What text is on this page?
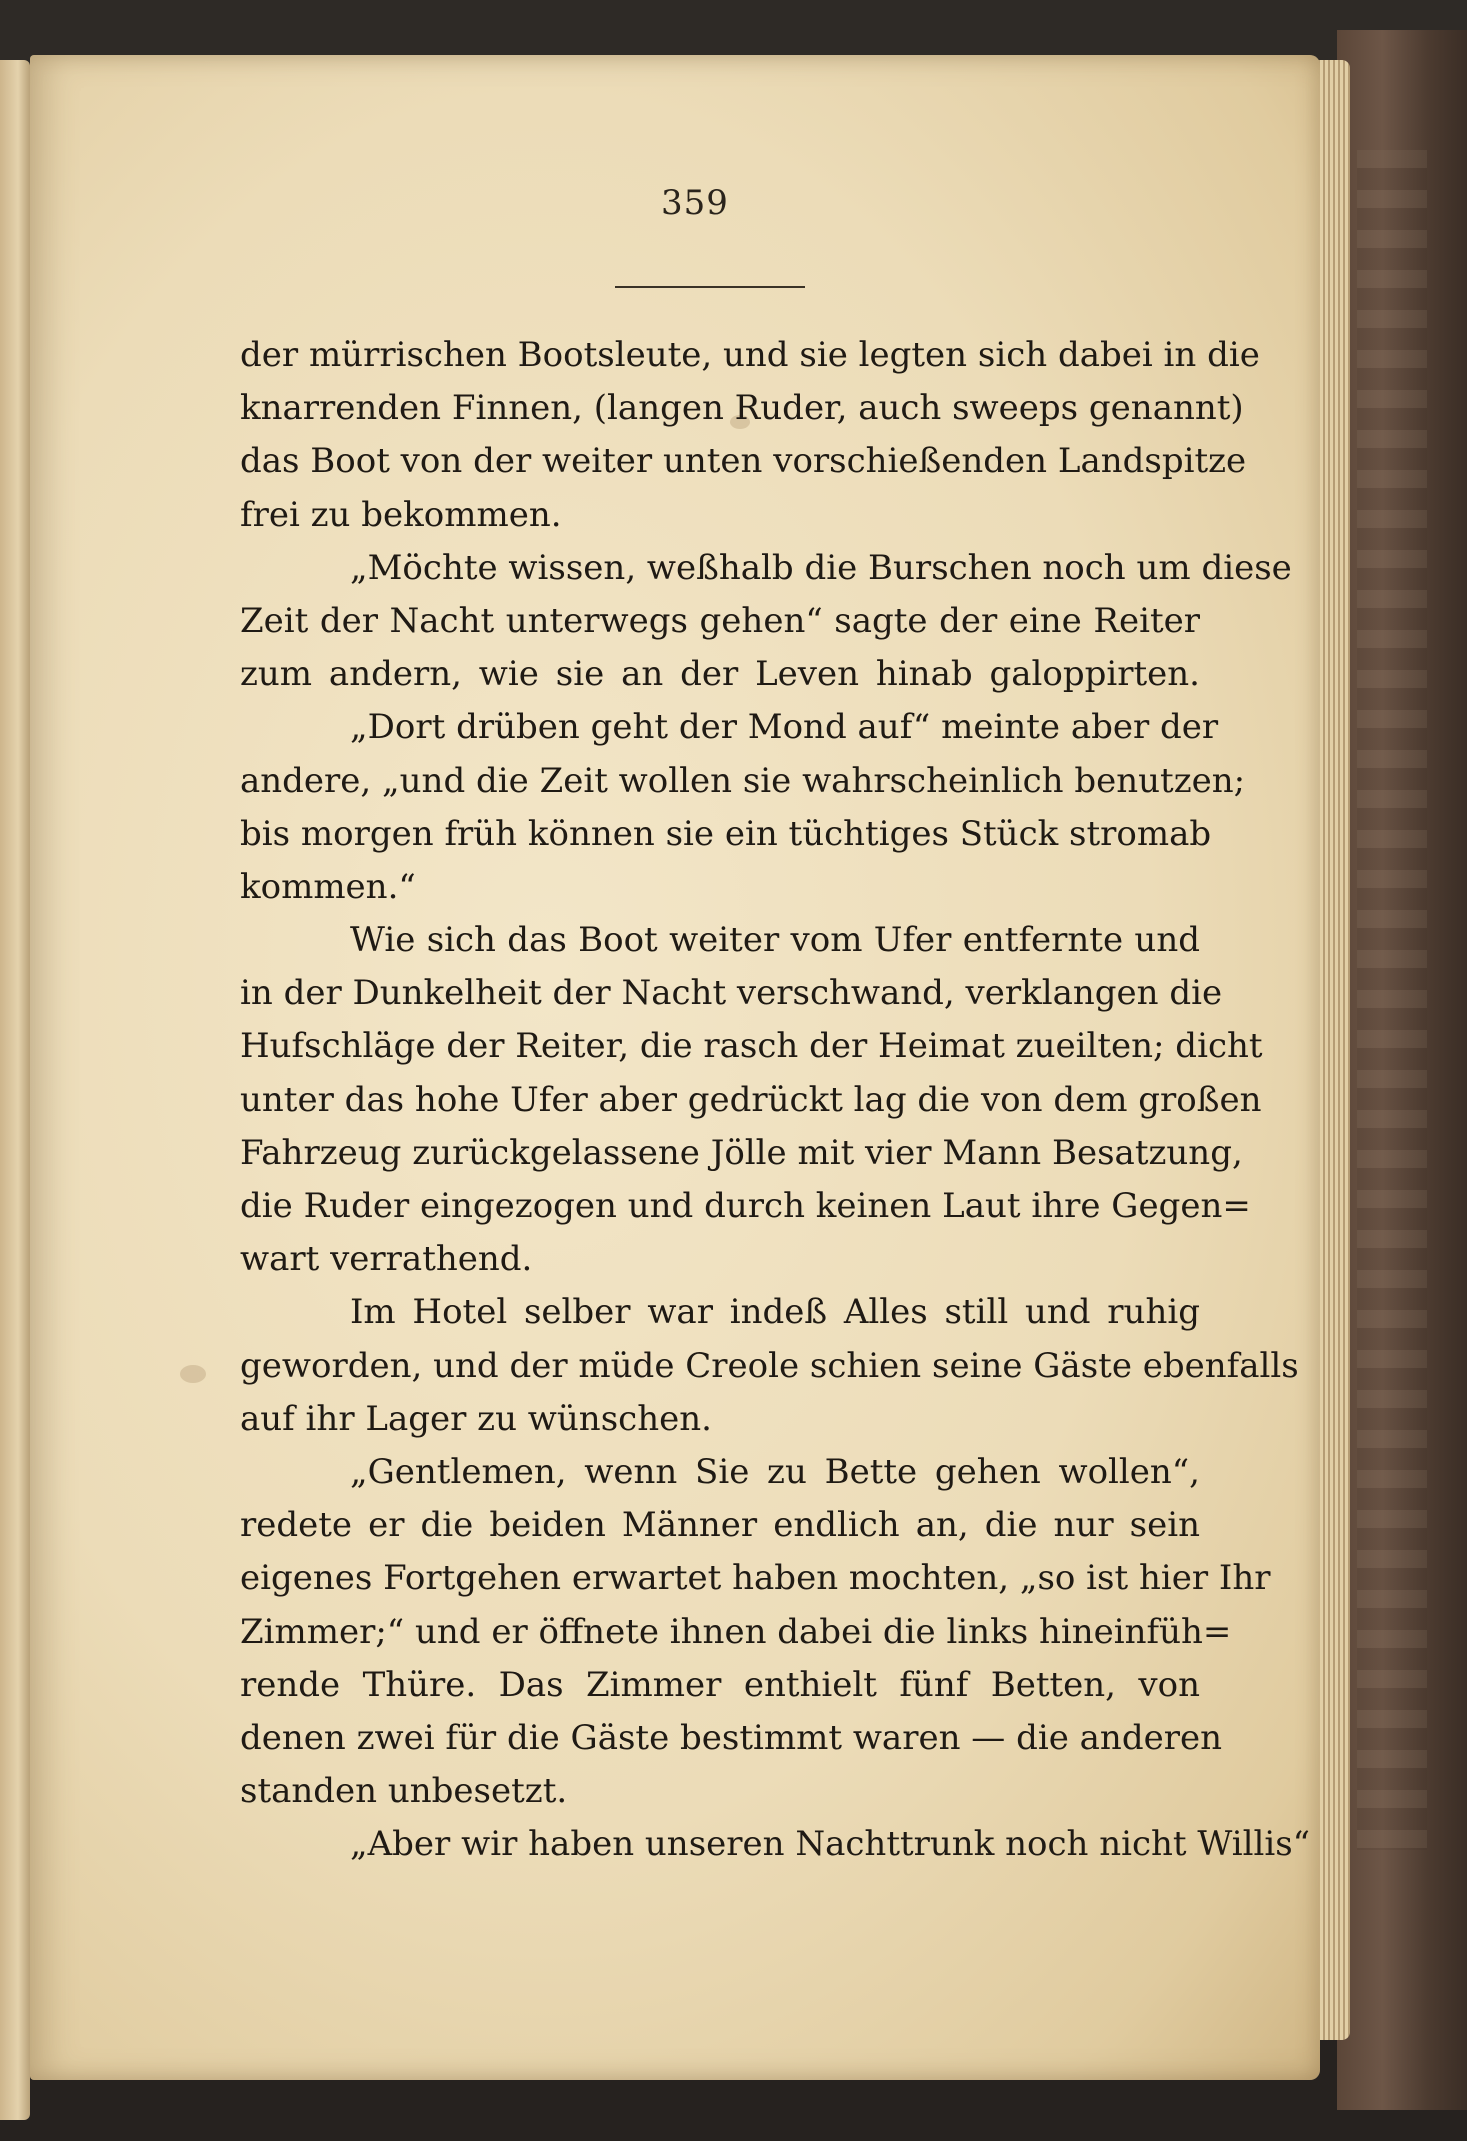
359
der mürrischen Bootsleute, und sie legten sich dabei in die
knarrenden Finnen, (langen Ruder, auch sweeps genannt)
das Boot von der weiter unten vorschießenden Landspitze
frei zu bekommen.
„Möchte wissen, weßhalb die Burschen noch um diese
Zeit der Nacht unterwegs gehen“ sagte der eine Reiter
zum andern, wie sie an der Leven hinab galoppirten.
„Dort drüben geht der Mond auf“ meinte aber der
andere, „und die Zeit wollen sie wahrscheinlich benutzen;
bis morgen früh können sie ein tüchtiges Stück stromab
kommen.“
Wie sich das Boot weiter vom Ufer entfernte und
in der Dunkelheit der Nacht verschwand, verklangen die
Hufschläge der Reiter, die rasch der Heimat zueilten; dicht
unter das hohe Ufer aber gedrückt lag die von dem großen
Fahrzeug zurückgelassene Jölle mit vier Mann Besatzung,
die Ruder eingezogen und durch keinen Laut ihre Gegen=
wart verrathend.
Im Hotel selber war indeß Alles still und ruhig
geworden, und der müde Creole schien seine Gäste ebenfalls
auf ihr Lager zu wünschen.
„Gentlemen, wenn Sie zu Bette gehen wollen“,
redete er die beiden Männer endlich an, die nur sein
eigenes Fortgehen erwartet haben mochten, „so ist hier Ihr
Zimmer;“ und er öffnete ihnen dabei die links hineinfüh=
rende Thüre. Das Zimmer enthielt fünf Betten, von
denen zwei für die Gäste bestimmt waren — die anderen
standen unbesetzt.
„Aber wir haben unseren Nachttrunk noch nicht Willis“
